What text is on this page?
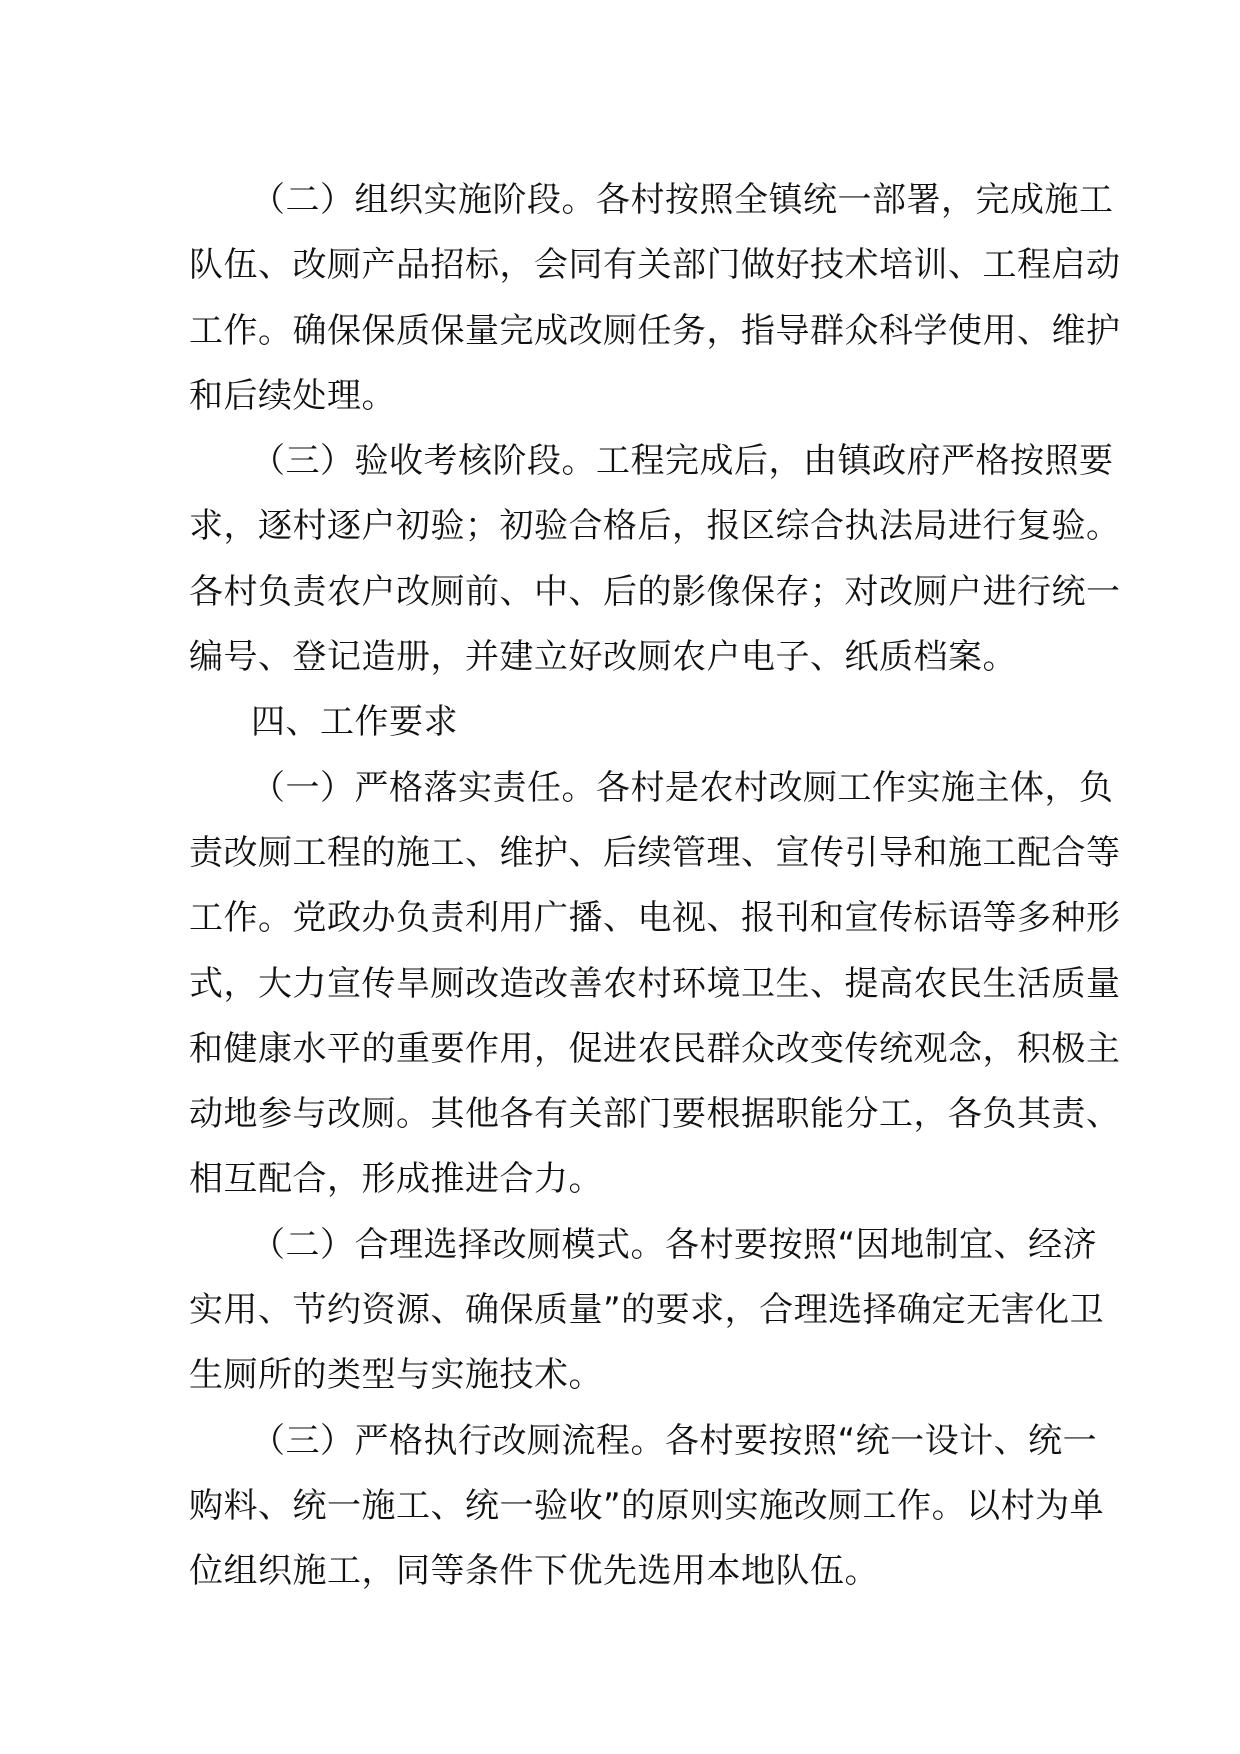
（二）组织实施阶段。各村按照全镇统一部署，完成施工
队伍、改厕产品招标，会同有关部门做好技术培训、工程启动
工作。确保保质保量完成改厕任务，指导群众科学使用、维护
和后续处理。
（三）验收考核阶段。工程完成后，由镇政府严格按照要
求，逐村逐户初验；初验合格后，报区综合执法局进行复验。
各村负责农户改厕前、中、后的影像保存；对改厕户进行统一
编号、登记造册，并建立好改厕农户电子、纸质档案。
四、工作要求
（一）严格落实责任。各村是农村改厕工作实施主体，负
责改厕工程的施工、维护、后续管理、宣传引导和施工配合等
工作。党政办负责利用广播、电视、报刊和宣传标语等多种形
式，大力宣传旱厕改造改善农村环境卫生、提高农民生活质量
和健康水平的重要作用，促进农民群众改变传统观念，积极主
动地参与改厕。其他各有关部门要根据职能分工，各负其责、
相互配合，形成推进合力。
（二）合理选择改厕模式。各村要按照“因地制宜、经济
实用、节约资源、确保质量”的要求，合理选择确定无害化卫
生厕所的类型与实施技术。
（三）严格执行改厕流程。各村要按照“统一设计、统一
购料、统一施工、统一验收”的原则实施改厕工作。以村为单
位组织施工，同等条件下优先选用本地队伍。
